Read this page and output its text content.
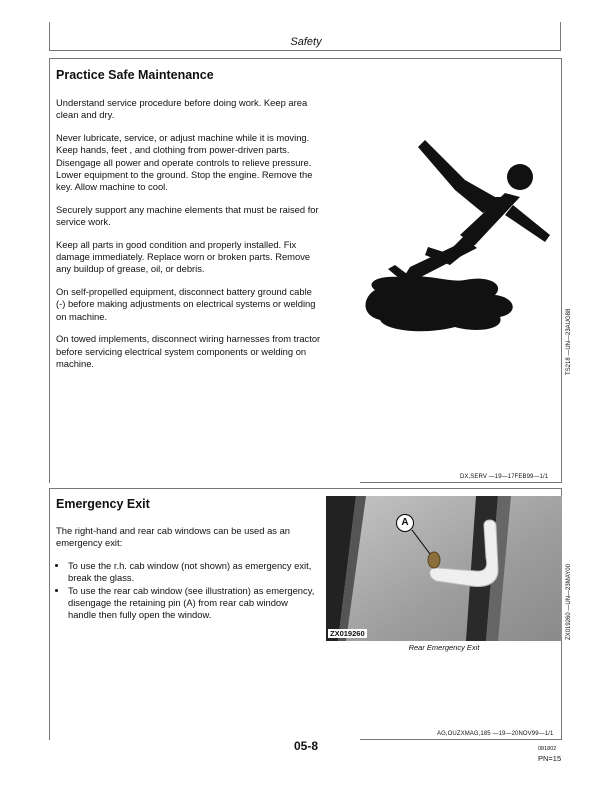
Safety
Practice Safe Maintenance

Understand service procedure before doing work. Keep area clean and dry.

Never lubricate, service, or adjust machine while it is moving. Keep hands, feet , and clothing from power-driven parts. Disengage all power and operate controls to relieve pressure. Lower equipment to the ground. Stop the engine. Remove the key. Allow machine to cool.

Securely support any machine elements that must be raised for service work.

Keep all parts in good condition and properly installed. Fix damage immediately. Replace worn or broken parts. Remove any buildup of grease, oil, or debris.

On self-propelled equipment, disconnect battery ground cable (-) before making adjustments on electrical systems or welding on machine.

On towed implements, disconnect wiring harnesses from tractor before servicing electrical system components or welding on machine.	TS218 —UN—23AUG88
DX,SERV —19—17FEB99—1/1
Emergency Exit

The right-hand and rear cab windows can be used as an emergency exit:

• To use the r.h. cab window (not shown) as emergency exit, break the glass.
• To use the rear cab window (see illustration) as emergency, disengage the retaining pin (A) from rear cab window handle then fully open the window.
A
ZX019260	ZX019260 —UN—23MAY00
Rear Emergency Exit
AG,OUZXMAG,185 —19—20NOV99—1/1
05-8	081802
PN=15
